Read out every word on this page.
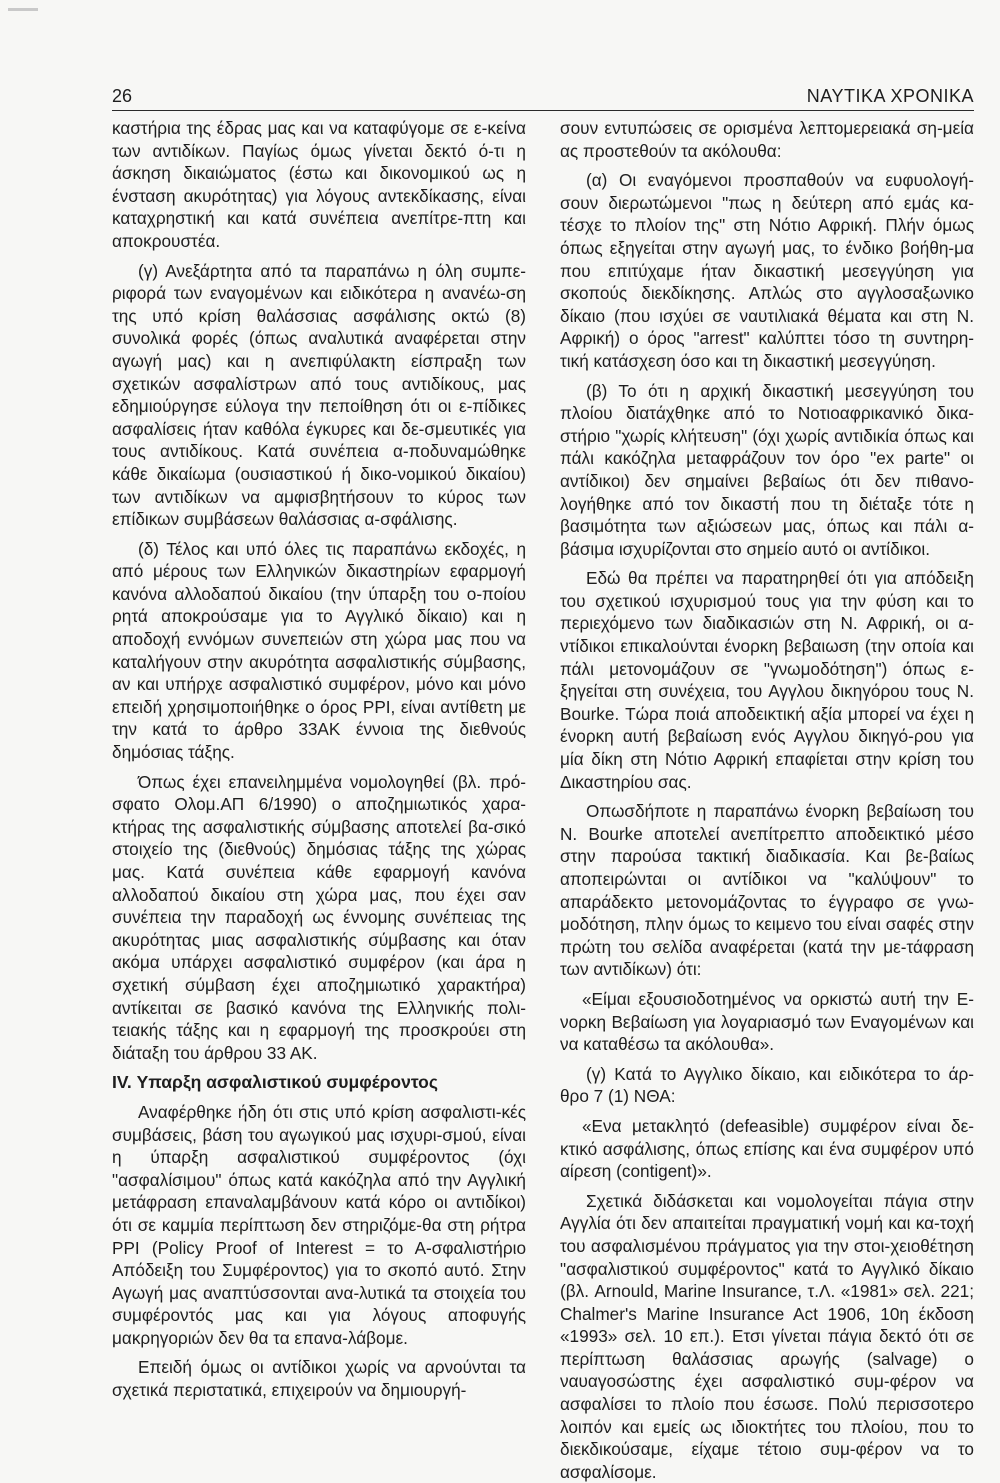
26	ΝΑΥΤΙΚΑ ΧΡΟΝΙΚΑ

καστήρια της έδρας μας και να καταφύγομε σε ε-κείνα των αντιδίκων. Παγίως όμως γίνεται δεκτό ό-τι η άσκηση δικαιώματος (έστω και δικονομικού ως η ένσταση ακυρότητας) για λόγους αντεκδίκασης, είναι καταχρηστική και κατά συνέπεια ανεπίτρε-πτη και αποκρουστέα.

(γ) Ανεξάρτητα από τα παραπάνω η όλη συμπε-ριφορά των εναγομένων και ειδικότερα η ανανέω-ση της υπό κρίση θαλάσσιας ασφάλισης οκτώ (8) συνολικά φορές (όπως αναλυτικά αναφέρεται στην αγωγή μας) και η ανεπιφύλακτη είσπραξη των σχετικών ασφαλίστρων από τους αντιδίκους, μας εδημιούργησε εύλογα την πεποίθηση ότι οι ε-πίδικες ασφαλίσεις ήταν καθόλα έγκυρες και δε-σμευτικές για τους αντιδίκους. Κατά συνέπεια α-ποδυναμώθηκε κάθε δικαίωμα (ουσιαστικού ή δικο-νομικού δικαίου) των αντιδίκων να αμφισβητήσουν το κύρος των επίδικων συμβάσεων θαλάσσιας α-σφάλισης.

(δ) Τέλος και υπό όλες τις παραπάνω εκδοχές, η από μέρους των Ελληνικών δικαστηρίων εφαρμογή κανόνα αλλοδαπού δικαίου (την ύπαρξη του ο-ποίου ρητά αποκρούσαμε για το Αγγλικό δίκαιο) και η αποδοχή εννόμων συνεπειών στη χώρα μας που να καταλήγουν στην ακυρότητα ασφαλιστικής σύμβασης, αν και υπήρχε ασφαλιστικό συμφέρον, μόνο και μόνο επειδή χρησιμοποιήθηκε ο όρος PPI, είναι αντίθετη με την κατά το άρθρο 33ΑΚ έννοια της διεθνούς δημόσιας τάξης.

Όπως έχει επανειλημμένα νομολογηθεί (βλ. πρό-σφατο Ολομ.ΑΠ 6/1990) ο αποζημιωτικός χαρα-κτήρας της ασφαλιστικής σύμβασης αποτελεί βα-σικό στοιχείο της (διεθνούς) δημόσιας τάξης της χώρας μας. Κατά συνέπεια κάθε εφαρμογή κανόνα αλλοδαπού δικαίου στη χώρα μας, που έχει σαν συνέπεια την παραδοχή ως έννομης συνέπειας της ακυρότητας μιας ασφαλιστικής σύμβασης και όταν ακόμα υπάρχει ασφαλιστικό συμφέρον (και άρα η σχετική σύμβαση έχει αποζημιωτικό χαρακτήρα) αντίκειται σε βασικό κανόνα της Ελληνικής πολι-τειακής τάξης και η εφαρμογή της προσκρούει στη διάταξη του άρθρου 33 ΑΚ.

IV. Υπαρξη ασφαλιστικού συμφέροντος

Αναφέρθηκε ήδη ότι στις υπό κρίση ασφαλιστι-κές συμβάσεις, βάση του αγωγικού μας ισχυρι-σμού, είναι η ύπαρξη ασφαλιστικού συμφέροντος (όχι "ασφαλίσιμου" όπως κατά κακόζηλα από την Αγγλική μετάφραση επαναλαμβάνουν κατά κόρο οι αντιδίκοι) ότι σε καμμία περίπτωση δεν στηριζόμε-θα στη ρήτρα PPI (Policy Proof of Interest = το Α-σφαλιστήριο Απόδειξη του Συμφέροντος) για το σκοπό αυτό. Στην Αγωγή μας αναπτύσσονται ανα-λυτικά τα στοιχεία του συμφέροντός μας και για λόγους αποφυγής μακρηγοριών δεν θα τα επανα-λάβομε.

Επειδή όμως οι αντίδικοι χωρίς να αρνούνται τα σχετικά περιστατικά, επιχειρούν να δημιουργή-

σουν εντυπώσεις σε ορισμένα λεπτομερειακά ση-μεία ας προστεθούν τα ακόλουθα:

(α) Οι εναγόμενοι προσπαθούν να ευφυολογή-σουν διερωτώμενοι "πως η δεύτερη από εμάς κα-τέσχε το πλοίον της" στη Νότιο Αφρική. Πλήν όμως όπως εξηγείται στην αγωγή μας, το ένδικο βοήθη-μα που επιτύχαμε ήταν δικαστική μεσεγγύηση για σκοπούς διεκδίκησης. Απλώς στο αγγλοσαξωνικο δίκαιο (που ισχύει σε ναυτιλιακά θέματα και στη Ν. Αφρική) ο όρος "arrest" καλύπτει τόσο τη συντηρη-τική κατάσχεση όσο και τη δικαστική μεσεγγύηση.

(β) Το ότι η αρχική δικαστική μεσεγγύηση του πλοίου διατάχθηκε από το Νοτιοαφρικανικό δικα-στήριο "χωρίς κλήτευση" (όχι χωρίς αντιδικία όπως και πάλι κακόζηλα μεταφράζουν τον όρο "ex parte" οι αντίδικοι) δεν σημαίνει βεβαίως ότι δεν πιθανο-λογήθηκε από τον δικαστή που τη διέταξε τότε η βασιμότητα των αξιώσεων μας, όπως και πάλι α-βάσιμα ισχυρίζονται στο σημείο αυτό οι αντίδικοι.

Εδώ θα πρέπει να παρατηρηθεί ότι για απόδειξη του σχετικού ισχυρισμού τους για την φύση και το περιεχόμενο των διαδικασιών στη Ν. Αφρική, οι α-ντίδικοι επικαλούνται ένορκη βεβαιωση (την οποία και πάλι μετονομάζουν σε "γνωμοδότηση") όπως ε-ξηγείται στη συνέχεια, του Αγγλου δικηγόρου τους N. Bourke. Τώρα ποιά αποδεικτική αξία μπορεί να έχει η ένορκη αυτή βεβαίωση ενός Αγγλου δικηγό-ρου για μία δίκη στη Νότιο Αφρική επαφίεται στην κρίση του Δικαστηρίου σας.

Οπωσδήποτε η παραπάνω ένορκη βεβαίωση του N. Bourke αποτελεί ανεπίτρεπτο αποδεικτικό μέσο στην παρούσα τακτική διαδικασία. Και βε-βαίως αποπειρώνται οι αντίδικοι να "καλύψουν" το απαράδεκτο μετονομάζοντας το έγγραφο σε γνω-μοδότηση, πλην όμως το κειμενο του είναι σαφές στην πρώτη του σελίδα αναφέρεται (κατά την με-τάφραση των αντιδίκων) ότι:

«Είμαι εξουσιοδοτημένος να ορκιστώ αυτή την Ε-νορκη Βεβαίωση για λογαριασμό των Εναγομένων και να καταθέσω τα ακόλουθα».

(γ) Κατά το Αγγλικο δίκαιο, και ειδικότερα το άρ-θρο 7 (1) ΝΘΑ:

«Ενα μετακλητό (defeasible) συμφέρον είναι δε-κτικό ασφάλισης, όπως επίσης και ένα συμφέρον υπό αίρεση (contigent)».

Σχετικά διδάσκεται και νομολογείται πάγια στην Αγγλία ότι δεν απαιτείται πραγματική νομή και κα-τοχή του ασφαλισμένου πράγματος για την στοι-χειοθέτηση "ασφαλιστικού συμφέροντος" κατά το Αγγλικό δίκαιο (βλ. Arnould, Marine Insurance, τ.Λ. «1981» σελ. 221; Chalmer's Marine Insurance Act 1906, 10η έκδοση «1993» σελ. 10 επ.). Ετσι γίνεται πάγια δεκτό ότι σε περίπτωση θαλάσσιας αρωγής (salvage) ο ναυαγοσώστης έχει ασφαλιστικό συμ-φέρον να ασφαλίσει το πλοίο που έσωσε. Πολύ περισσοτερο λοιπόν και εμείς ως ιδιοκτήτες του πλοίου, που το διεκδικούσαμε, είχαμε τέτοιο συμ-φέρον να το ασφαλίσομε.
